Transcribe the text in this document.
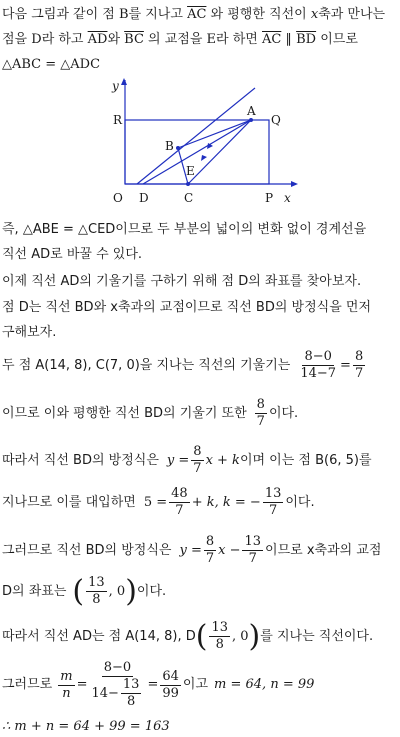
다음 그림과 같이 점 B를 지나고 $\overline{AC}$ 와 평행한 직선이 x축과 만나는
점을 D라 하고 $\overline{AD}$와 $\overline{BC}$ 의 교점을 E라 하면 $\overline{AC}$ ∥ $\overline{BD}$ 이므로
△ABC = △ADC
y
x
R
A
Q
B
E
O D	C	P
즉, △ABE = △CED이므로 두 부분의 넓이의 변화 없이 경계선을
직선 AD로 바꿀 수 있다.
이제 직선 AD의 기울기를 구하기 위해 점 D의 좌표를 찾아보자.
점 D는 직선 BD와 x축과의 교점이므로 직선 BD의 방정식을 먼저
구해보자.
두 점 A(14, 8), C(7, 0)을 지나는 직선의 기울기는 $\frac{8-0}{14-7} = \frac{8}{7}$
이므로 이와 평행한 직선 BD의 기울기 또한 $\frac{8}{7}$ 이다.
따라서 직선 BD의 방정식은 $y = \frac{8}{7}$ x + k 이며 이는 점 B(6, 5)를
지나므로 이를 대입하면 $5 = \frac{48}{7} + k$, k = − $\frac{13}{7}$ 이다.
그러므로 직선 BD의 방정식은 $y = \frac{8}{7}$ $x - \frac{13}{7}$ 이므로 x축과의 교점
D의 좌표는 ( $\frac{13}{8}$ , 0 ) 이다.
따라서 직선 AD는 점 A(14, 8), D ( $\frac{13}{8}$ , 0 ) 를 지나는 직선이다.
그러므로 $\frac{m}{n} = \frac{8-0}{14- \frac{13}{8}} = \frac{64}{99}$ 이고 m = 64, n = 99
∴ m + n = 64 + 99 = 163
